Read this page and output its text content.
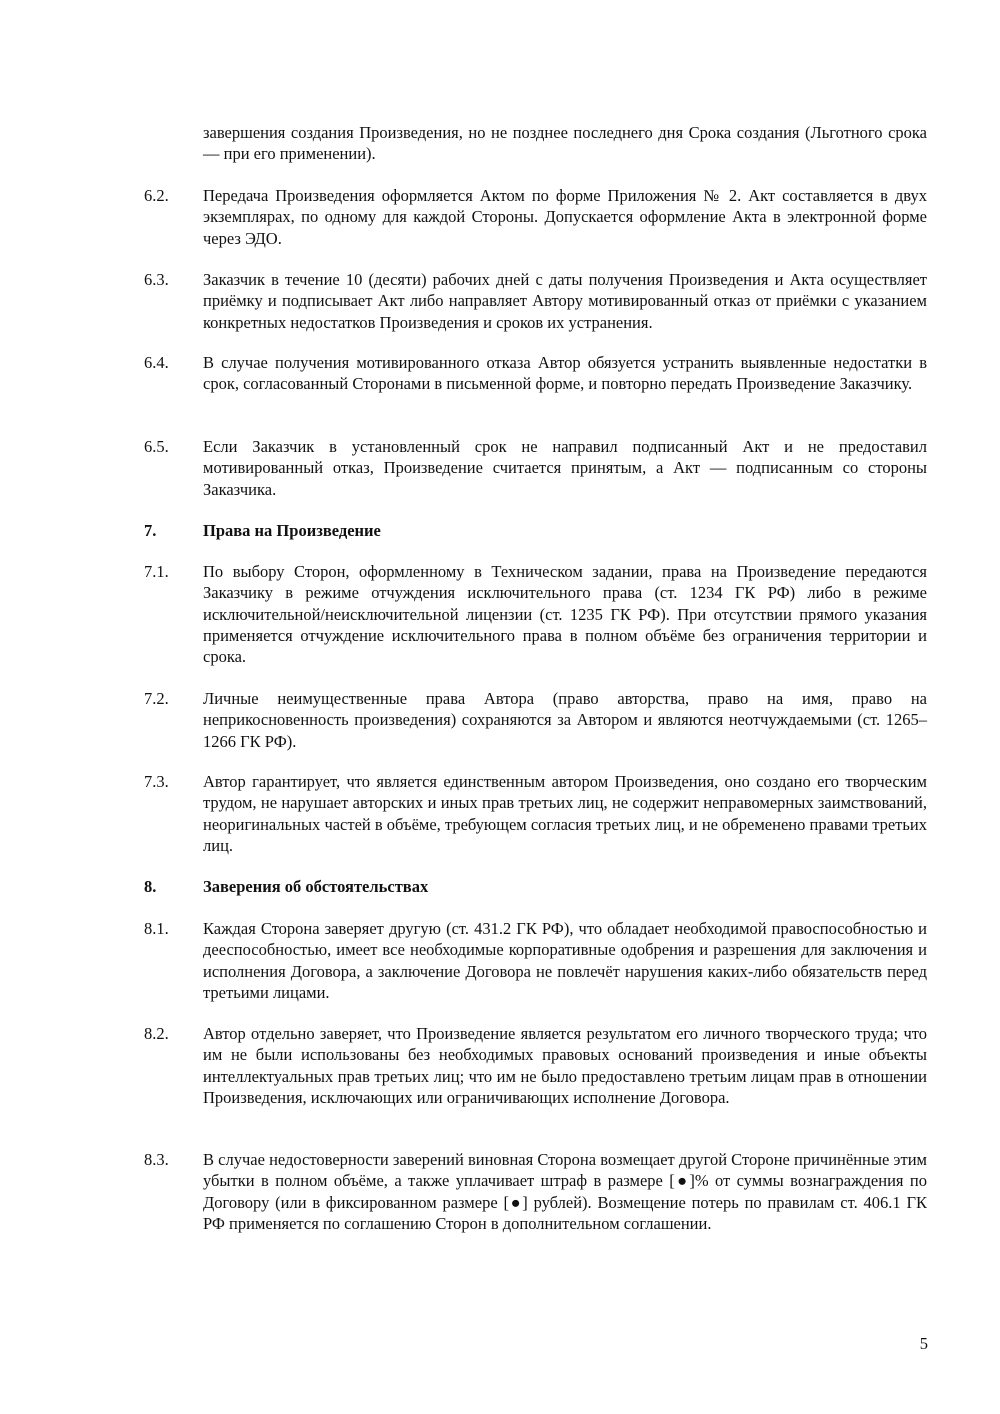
завершения создания Произведения, но не позднее последнего дня Срока создания (Льготного срока — при его применении).
6.2.	Передача Произведения оформляется Актом по форме Приложения № 2. Акт составляется в двух экземплярах, по одному для каждой Стороны. Допускается оформление Акта в электронной форме через ЭДО.
6.3.	Заказчик в течение 10 (десяти) рабочих дней с даты получения Произведения и Акта осуществляет приёмку и подписывает Акт либо направляет Автору мотивированный отказ от приёмки с указанием конкретных недостатков Произведения и сроков их устранения.
6.4.	В случае получения мотивированного отказа Автор обязуется устранить выявленные недостатки в срок, согласованный Сторонами в письменной форме, и повторно передать Произведение Заказчику.
6.5.	Если Заказчик в установленный срок не направил подписанный Акт и не предоставил мотивированный отказ, Произведение считается принятым, а Акт — подписанным со стороны Заказчика.
7.	Права на Произведение
7.1.	По выбору Сторон, оформленному в Техническом задании, права на Произведение передаются Заказчику в режиме отчуждения исключительного права (ст. 1234 ГК РФ) либо в режиме исключительной/неисключительной лицензии (ст. 1235 ГК РФ). При отсутствии прямого указания применяется отчуждение исключительного права в полном объёме без ограничения территории и срока.
7.2.	Личные неимущественные права Автора (право авторства, право на имя, право на неприкосновенность произведения) сохраняются за Автором и являются неотчуждаемыми (ст. 1265–1266 ГК РФ).
7.3.	Автор гарантирует, что является единственным автором Произведения, оно создано его творческим трудом, не нарушает авторских и иных прав третьих лиц, не содержит неправомерных заимствований, неоригинальных частей в объёме, требующем согласия третьих лиц, и не обременено правами третьих лиц.
8.	Заверения об обстоятельствах
8.1.	Каждая Сторона заверяет другую (ст. 431.2 ГК РФ), что обладает необходимой правоспособностью и дееспособностью, имеет все необходимые корпоративные одобрения и разрешения для заключения и исполнения Договора, а заключение Договора не повлечёт нарушения каких-либо обязательств перед третьими лицами.
8.2.	Автор отдельно заверяет, что Произведение является результатом его личного творческого труда; что им не были использованы без необходимых правовых оснований произведения и иные объекты интеллектуальных прав третьих лиц; что им не было предоставлено третьим лицам прав в отношении Произведения, исключающих или ограничивающих исполнение Договора.
8.3.	В случае недостоверности заверений виновная Сторона возмещает другой Стороне причинённые этим убытки в полном объёме, а также уплачивает штраф в размере [●]% от суммы вознаграждения по Договору (или в фиксированном размере [●] рублей). Возмещение потерь по правилам ст. 406.1 ГК РФ применяется по соглашению Сторон в дополнительном соглашении.
5
